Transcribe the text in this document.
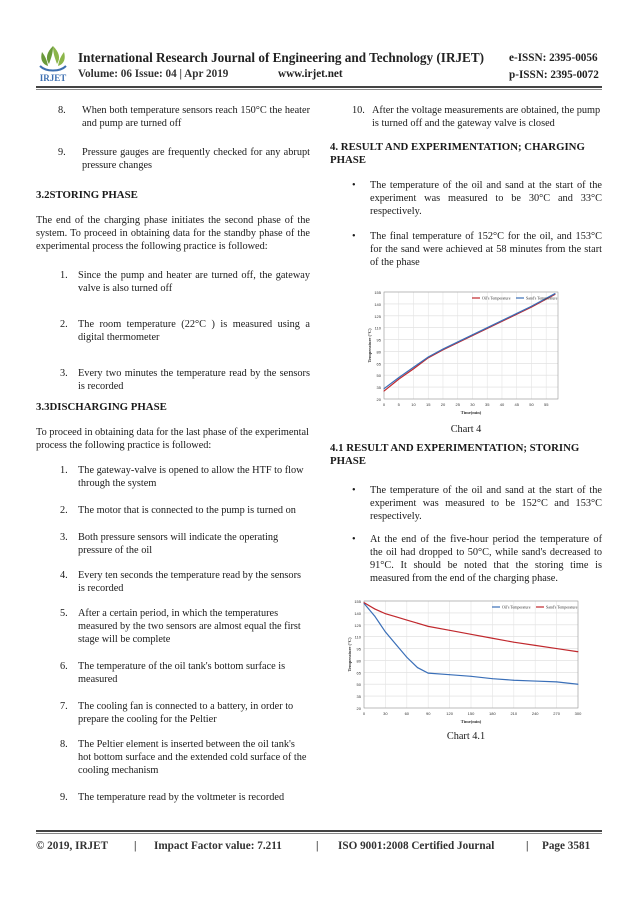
IRJET
International Research Journal of Engineering and Technology (IRJET) e-ISSN: 2395-0056
Volume: 06 Issue: 04 | Apr 2019	www.irjet.net	p-ISSN: 2395-0072
8. When both temperature sensors reach 150°C the heater and pump are turned off
9. Pressure gauges are frequently checked for any abrupt pressure changes

3.2STORING PHASE

The end of the charging phase initiates the second phase of the system. To proceed in obtaining data for the standby phase of the experimental process the following practice is followed:

1. Since the pump and heater are turned off, the gateway valve is also turned off
2. The room temperature (22°C ) is measured using a digital thermometer
3. Every two minutes the temperature read by the sensors is recorded

3.3DISCHARGING PHASE

To proceed in obtaining data for the last phase of the experimental process the following practice is followed:

1. The gateway-valve is opened to allow the HTF to flow through the system
2. The motor that is connected to the pump is turned on
3. Both pressure sensors will indicate the operating pressure of the oil
4. Every ten seconds the temperature read by the sensors is recorded
5. After a certain period, in which the temperatures measured by the two sensors are almost equal the first stage will be complete
6. The temperature of the oil tank's bottom surface is measured
7. The cooling fan is connected to a battery, in order to prepare the cooling for the Peltier
8. The Peltier element is inserted between the oil tank's hot bottom surface and the extended cold surface of the cooling mechanism
9. The temperature read by the voltmeter is recorded
10. After the voltage measurements are obtained, the pump is turned off and the gateway valve is closed

4. RESULT AND EXPERIMENTATION; CHARGING PHASE

• The temperature of the oil and sand at the start of the experiment was measured to be 30°C and 33°C respectively.
• The final temperature of 152°C for the oil, and 153°C for the sand were achieved at 58 minutes from the start of the phase
20
35
50
65
80
95
110
125
140
155
0	5	10	15	20	25	30	35	40	45	50	55
Time(min)
Temperature (°C)
Oil's Temperature	Sand's Temperature

Chart 4

4.1 RESULT AND EXPERIMENTATION; STORING PHASE

• The temperature of the oil and sand at the start of the experiment was measured to be 152°C and 153°C respectively.
• At the end of the five-hour period the temperature of the oil had dropped to 50°C, while sand's decreased to 91°C. It should be noted that the storing time is measured from the end of the charging phase.
20
35
50
65
80
95
110
125
140
155
0	30	60	90	120	150	180	210	240	270	300
Time(min)
Temperature (°C)
Oil's Temperature	Sand's Temperature

Chart 4.1

© 2019, IRJET | Impact Factor value: 7.211	| ISO 9001:2008 Certified Journal	| Page 3581
